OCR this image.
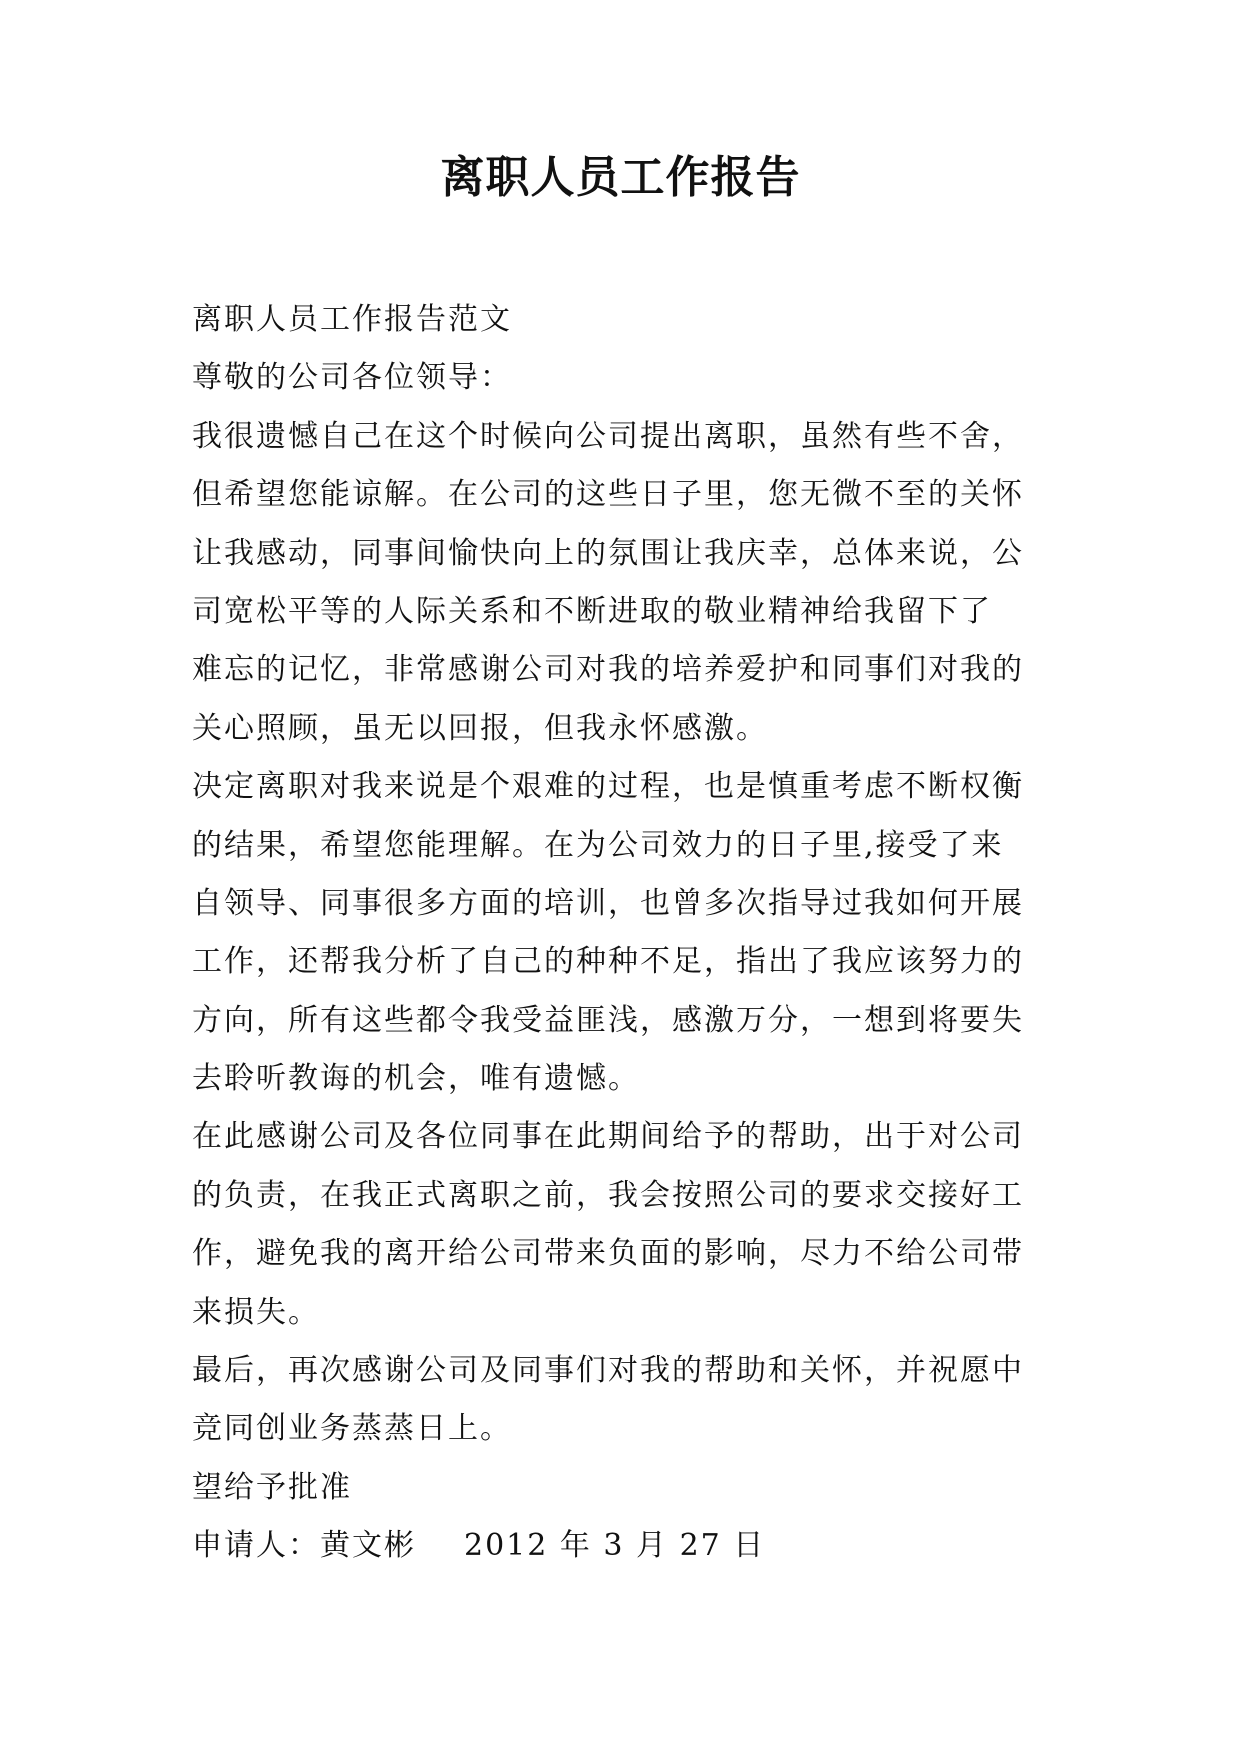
离职人员工作报告
离职人员工作报告范文
尊敬的公司各位领导：
我很遗憾自己在这个时候向公司提出离职，虽然有些不舍，
但希望您能谅解。在公司的这些日子里，您无微不至的关怀
让我感动，同事间愉快向上的氛围让我庆幸，总体来说，公
司宽松平等的人际关系和不断进取的敬业精神给我留下了
难忘的记忆，非常感谢公司对我的培养爱护和同事们对我的
关心照顾，虽无以回报，但我永怀感激。
决定离职对我来说是个艰难的过程，也是慎重考虑不断权衡
的结果，希望您能理解。在为公司效力的日子里,接受了来
自领导、同事很多方面的培训，也曾多次指导过我如何开展
工作，还帮我分析了自己的种种不足，指出了我应该努力的
方向，所有这些都令我受益匪浅，感激万分，一想到将要失
去聆听教诲的机会，唯有遗憾。
在此感谢公司及各位同事在此期间给予的帮助，出于对公司
的负责，在我正式离职之前，我会按照公司的要求交接好工
作，避免我的离开给公司带来负面的影响，尽力不给公司带
来损失。
最后，再次感谢公司及同事们对我的帮助和关怀，并祝愿中
竞同创业务蒸蒸日上。
望给予批准
申请人：黄文彬 2012 年 3 月 27 日
